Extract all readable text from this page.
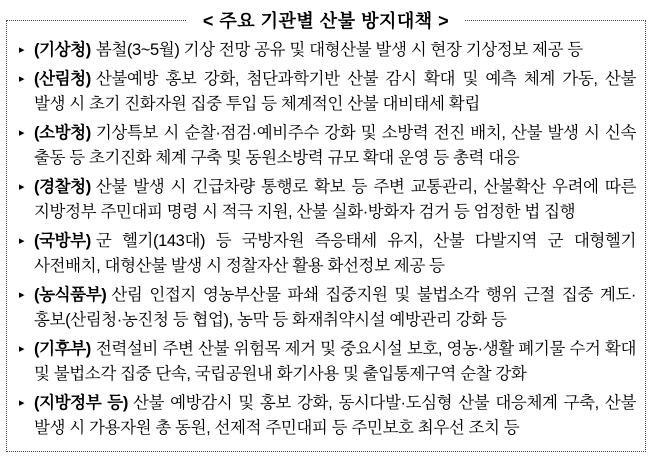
< 주요 기관별 산불 방지대책 >
▸ (기상청) 봄철(3~5월) 기상 전망 공유 및 대형산불 발생 시 현장 기상정보 제공 등

▸ (산림청) 산불예방 홍보 강화, 첨단과학기반 산불 감시 확대 및 예측 체계 가동, 산불 발생 시 초기 진화자원 집중 투입 등 체계적인 산불 대비태세 확립

▸ (소방청) 기상특보 시 순찰·점검·예비주수 강화 및 소방력 전진 배치, 산불 발생 시 신속 출동 등 초기진화 체계 구축 및 동원소방력 규모 확대 운영 등 총력 대응

▸ (경찰청) 산불 발생 시 긴급차량 통행로 확보 등 주변 교통관리, 산불확산 우려에 따른 지방정부 주민대피 명령 시 적극 지원, 산불 실화·방화자 검거 등 엄정한 법 집행

▸ (국방부) 군 헬기(143대) 등 국방자원 즉응태세 유지, 산불 다발지역 군 대형헬기 사전배치, 대형산불 발생 시 정찰자산 활용 화선정보 제공 등

▸ (농식품부) 산림 인접지 영농부산물 파쇄 집중지원 및 불법소각 행위 근절 집중 계도·홍보(산림청·농진청 등 협업), 농막 등 화재취약시설 예방관리 강화 등

▸ (기후부) 전력설비 주변 산불 위험목 제거 및 중요시설 보호, 영농·생활 폐기물 수거 확대 및 불법소각 집중 단속, 국립공원내 화기사용 및 출입통제구역 순찰 강화

▸ (지방정부 등) 산불 예방감시 및 홍보 강화, 동시다발·도심형 산불 대응체계 구축, 산불 발생 시 가용자원 총 동원, 선제적 주민대피 등 주민보호 최우선 조치 등
